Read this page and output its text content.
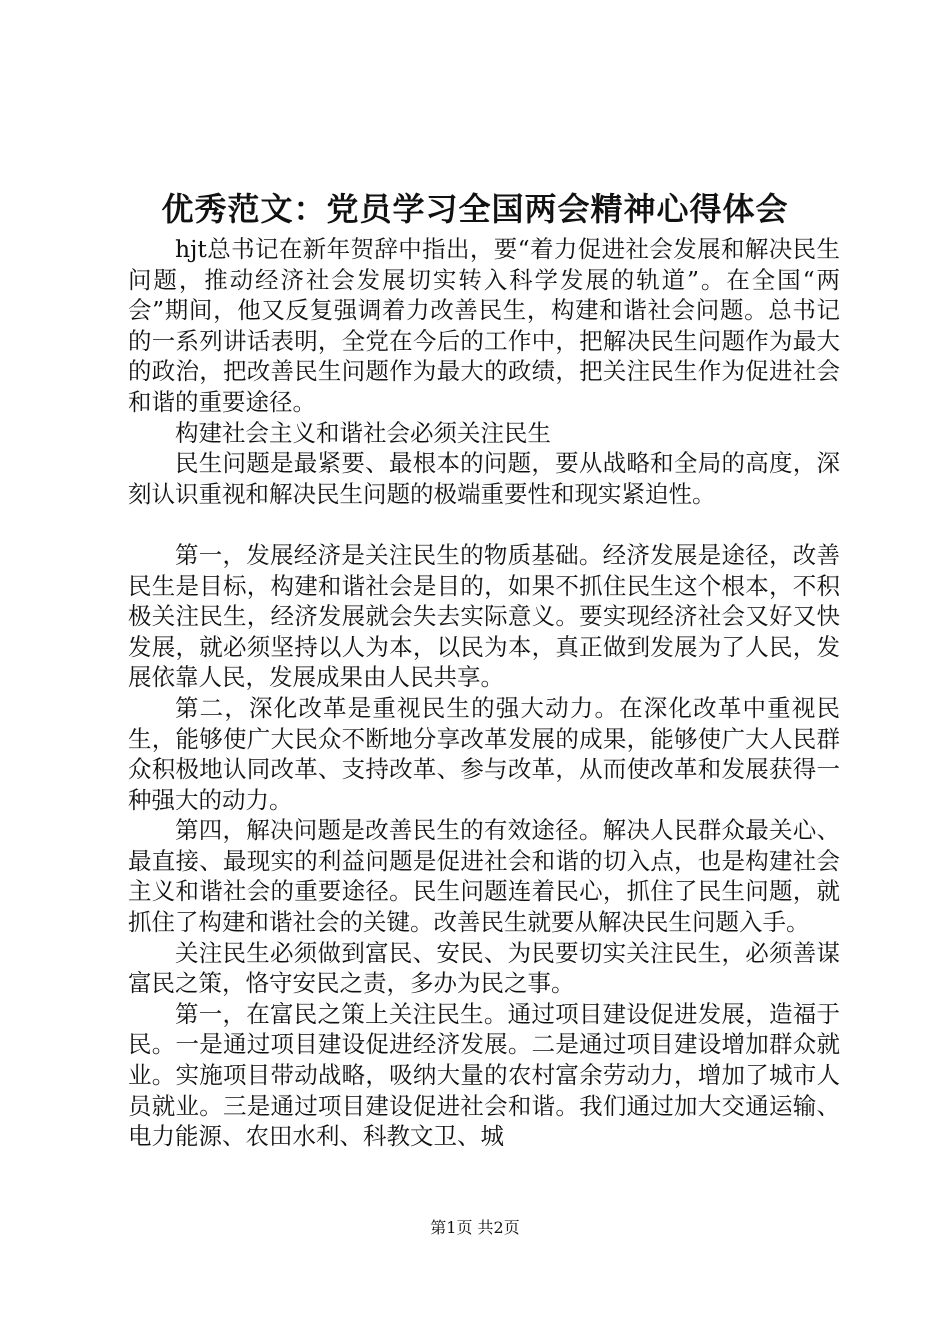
优秀范文：党员学习全国两会精神心得体会

hjt总书记在新年贺辞中指出，要“着力促进社会发展和解决民生问题，推动经济社会发展切实转入科学发展的轨道”。在全国“两会”期间，他又反复强调着力改善民生，构建和谐社会问题。总书记的一系列讲话表明，全党在今后的工作中，把解决民生问题作为最大的政治，把改善民生问题作为最大的政绩，把关注民生作为促进社会和谐的重要途径。

构建社会主义和谐社会必须关注民生

民生问题是最紧要、最根本的问题，要从战略和全局的高度，深刻认识重视和解决民生问题的极端重要性和现实紧迫性。

第一，发展经济是关注民生的物质基础。经济发展是途径，改善民生是目标，构建和谐社会是目的，如果不抓住民生这个根本，不积极关注民生，经济发展就会失去实际意义。要实现经济社会又好又快发展，就必须坚持以人为本，以民为本，真正做到发展为了人民，发展依靠人民，发展成果由人民共享。

第二，深化改革是重视民生的强大动力。在深化改革中重视民生，能够使广大民众不断地分享改革发展的成果，能够使广大人民群众积极地认同改革、支持改革、参与改革，从而使改革和发展获得一种强大的动力。

第四，解决问题是改善民生的有效途径。解决人民群众最关心、最直接、最现实的利益问题是促进社会和谐的切入点，也是构建社会主义和谐社会的重要途径。民生问题连着民心，抓住了民生问题，就抓住了构建和谐社会的关键。改善民生就要从解决民生问题入手。

关注民生必须做到富民、安民、为民要切实关注民生，必须善谋富民之策，恪守安民之责，多办为民之事。

第一，在富民之策上关注民生。通过项目建设促进发展，造福于民。一是通过项目建设促进经济发展。二是通过项目建设增加群众就业。实施项目带动战略，吸纳大量的农村富余劳动力，增加了城市人员就业。三是通过项目建设促进社会和谐。我们通过加大交通运输、电力能源、农田水利、科教文卫、城

第1页 共2页
